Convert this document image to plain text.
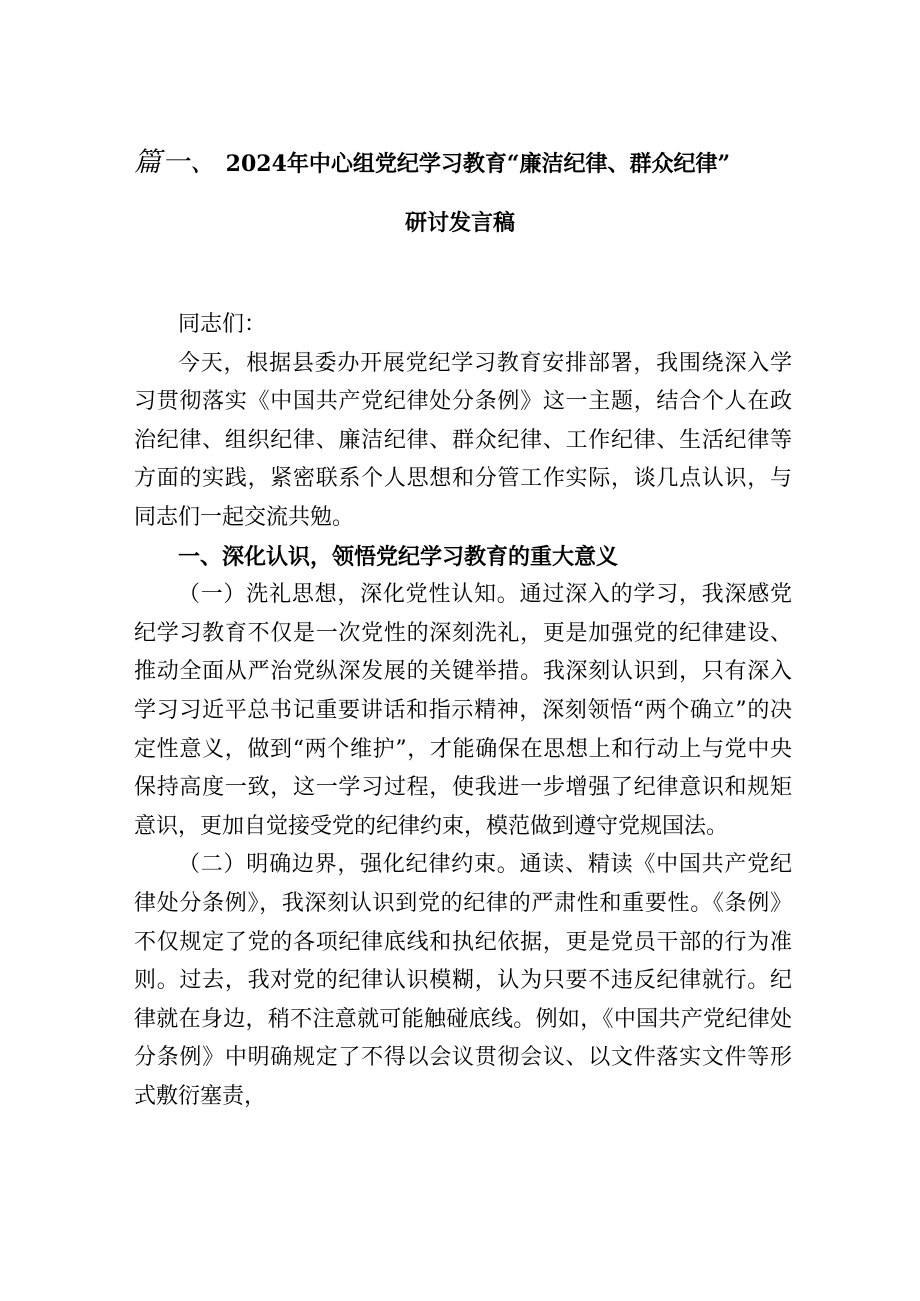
篇一、 2024年中心组党纪学习教育“廉洁纪律、群众纪律”
研讨发言稿

同志们：

今天，根据县委办开展党纪学习教育安排部署，我围绕深入学习贯彻落实《中国共产党纪律处分条例》这一主题，结合个人在政治纪律、组织纪律、廉洁纪律、群众纪律、工作纪律、生活纪律等方面的实践，紧密联系个人思想和分管工作实际，谈几点认识，与同志们一起交流共勉。

一、深化认识，领悟党纪学习教育的重大意义

（一）洗礼思想，深化党性认知。通过深入的学习，我深感党纪学习教育不仅是一次党性的深刻洗礼，更是加强党的纪律建设、推动全面从严治党纵深发展的关键举措。我深刻认识到，只有深入学习习近平总书记重要讲话和指示精神，深刻领悟“两个确立”的决定性意义，做到“两个维护”，才能确保在思想上和行动上与党中央保持高度一致，这一学习过程，使我进一步增强了纪律意识和规矩意识，更加自觉接受党的纪律约束，模范做到遵守党规国法。

（二）明确边界，强化纪律约束。通读、精读《中国共产党纪律处分条例》，我深刻认识到党的纪律的严肃性和重要性。《条例》不仅规定了党的各项纪律底线和执纪依据，更是党员干部的行为准则。过去，我对党的纪律认识模糊，认为只要不违反纪律就行。纪律就在身边，稍不注意就可能触碰底线。例如，《中国共产党纪律处分条例》中明确规定了不得以会议贯彻会议、以文件落实文件等形式敷衍塞责，
